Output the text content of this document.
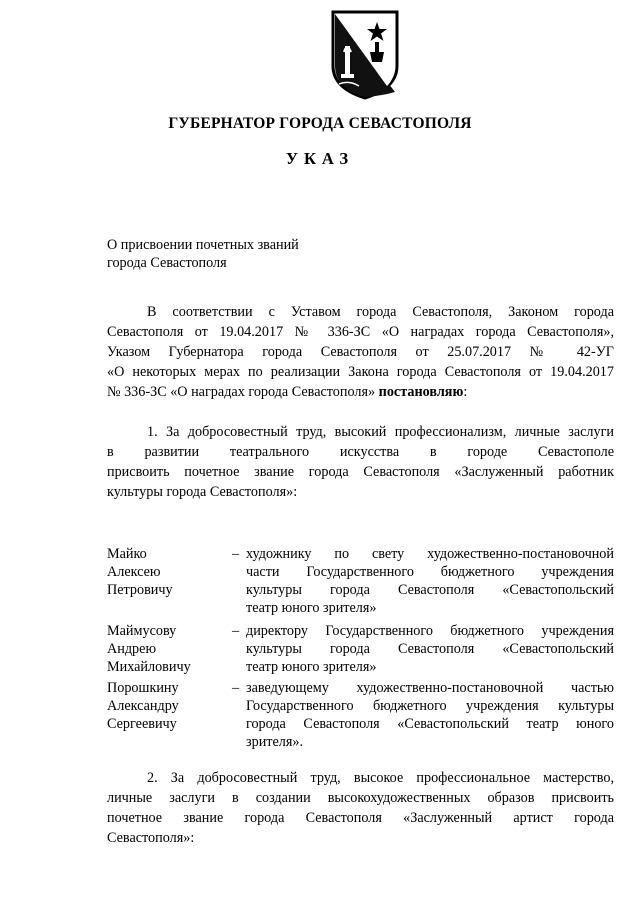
ГУБЕРНАТОР ГОРОДА СЕВАСТОПОЛЯ
УКАЗ
О присвоении почетных званий
города Севастополя
В соответствии с Уставом города Севастополя, Законом города
Севастополя от 19.04.2017 № 336-ЗС «О наградах города Севастополя»,
Указом Губернатора города Севастополя от 25.07.2017 № 42-УГ
«О некоторых мерах по реализации Закона города Севастополя от 19.04.2017
№ 336-ЗС «О наградах города Севастополя» постановляю:
1. За добросовестный труд, высокий профессионализм, личные заслуги
в развитии театрального искусства в городе Севастополе
присвоить почетное звание города Севастополя «Заслуженный работник
культуры города Севастополя»:
Майко
Алексею
Петровичу
– художнику по свету художественно-постановочной
части Государственного бюджетного учреждения
культуры города Севастополя «Севастопольский
театр юного зрителя»
Маймусову
Андрею
Михайловичу
– директору Государственного бюджетного учреждения
культуры города Севастополя «Севастопольский
театр юного зрителя»
Порошкину
Александру
Сергеевичу
– заведующему художественно-постановочной частью
Государственного бюджетного учреждения культуры
города Севастополя «Севастопольский театр юного
зрителя».
2. За добросовестный труд, высокое профессиональное мастерство,
личные заслуги в создании высокохудожественных образов присвоить
почетное звание города Севастополя «Заслуженный артист города
Севастополя»:
